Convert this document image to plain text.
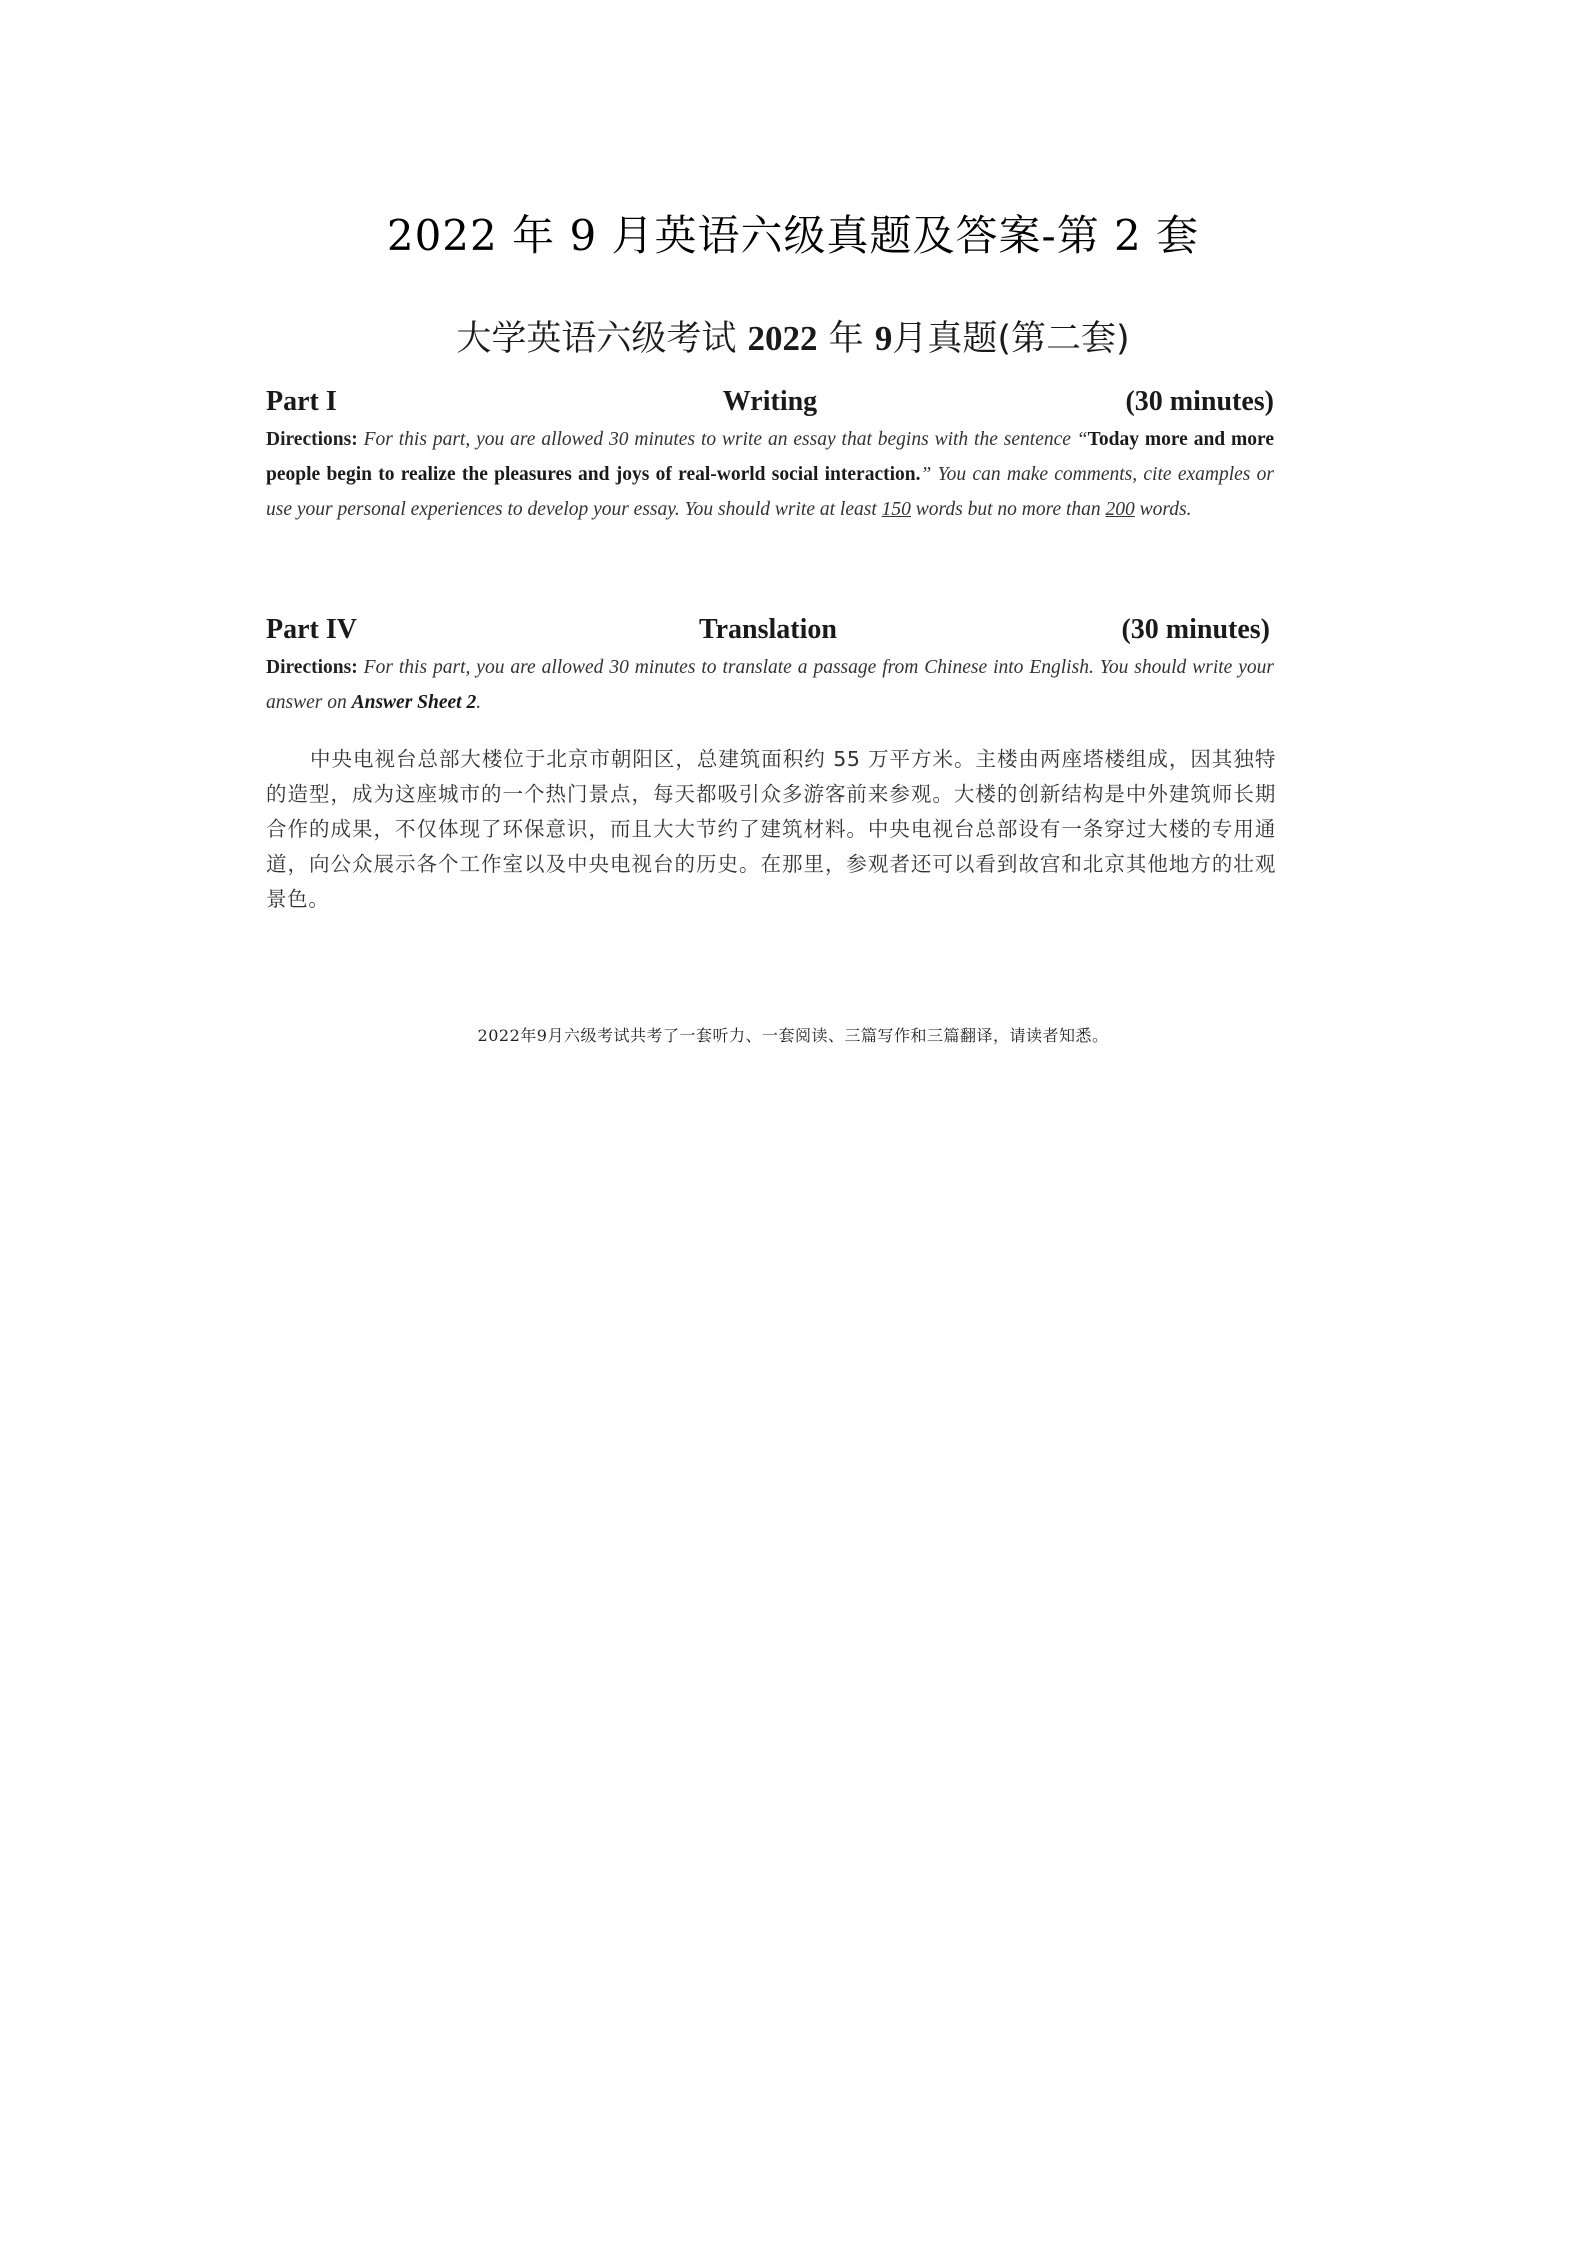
2022 年 9 月英语六级真题及答案-第 2 套
大学英语六级考试 2022 年 9月真题(第二套)
Part I	Writing	(30 minutes)
Directions: For this part, you are allowed 30 minutes to write an essay that begins with the sentence “Today more and more people begin to realize the pleasures and joys of real-world social interaction.” You can make comments, cite examples or use your personal experiences to develop your essay. You should write at least 150 words but no more than 200 words.
Part IV	Translation	(30 minutes)
Directions: For this part, you are allowed 30 minutes to translate a passage from Chinese into English. You should write your answer on Answer Sheet 2.
中央电视台总部大楼位于北京市朝阳区，总建筑面积约 55 万平方米。主楼由两座塔楼组成，因其独特的造型，成为这座城市的一个热门景点，每天都吸引众多游客前来参观。大楼的创新结构是中外建筑师长期合作的成果，不仅体现了环保意识，而且大大节约了建筑材料。中央电视台总部设有一条穿过大楼的专用通道，向公众展示各个工作室以及中央电视台的历史。在那里，参观者还可以看到故宫和北京其他地方的壮观景色。
2022年9月六级考试共考了一套听力、一套阅读、三篇写作和三篇翻译，请读者知悉。
